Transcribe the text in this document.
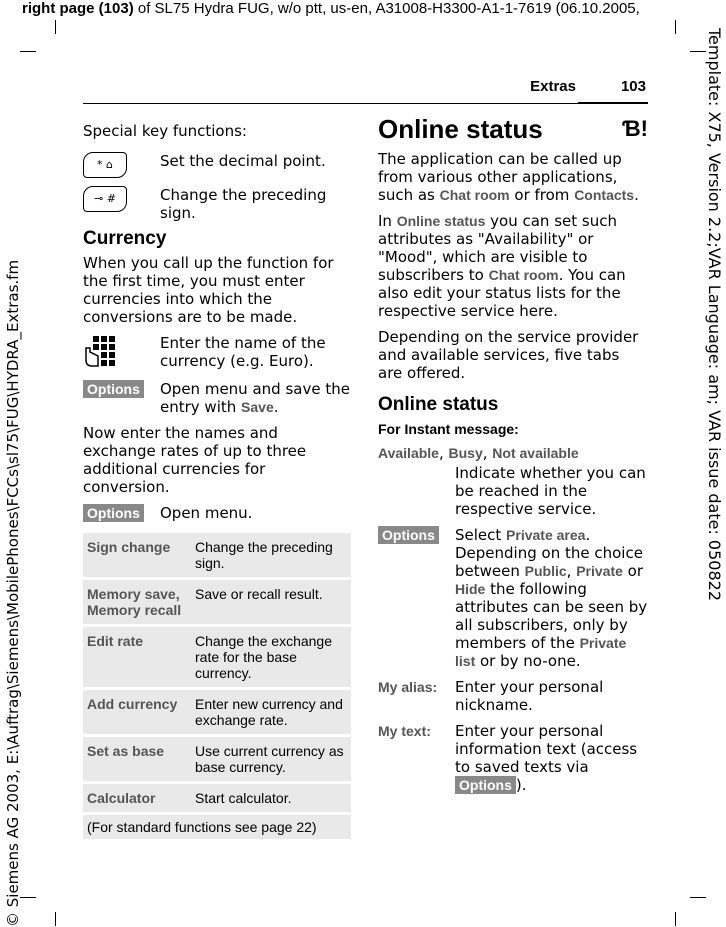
right page (103) of SL75 Hydra FUG, w/o ptt, us-en, A31008-H3300-A1-1-7619 (06.10.2005,
Template: X75, Version 2.2;VAR Language: am; VAR issue date: 050822
© Siemens AG 2003, E:\Auftrag\Siemens\MobilePhones\FCCs\sl75\FUG\HYDRA_Extras.fm
Extras	103
Special key functions:
* ⌂	Set the decimal point.
⊸ #	Change the preceding sign.
Currency
When you call up the function for the first time, you must enter currencies into which the conversions are to be made.
Enter the name of the currency (e.g. Euro).
Options	Open menu and save the entry with Save.
Now enter the names and exchange rates of up to three additional currencies for conversion.
Options	Open menu.
Sign change	Change the preceding sign.
Memory save, Memory recall	Save or recall result.
Edit rate	Change the exchange rate for the base currency.
Add currency	Enter new currency and exchange rate.
Set as base	Use current currency as base currency.
Calculator	Start calculator.
(For standard functions see page 22)	
Online status	Ɓ!
The application can be called up from various other applications, such as Chat room or from Contacts.
In Online status you can set such attributes as "Availability" or "Mood", which are visible to subscribers to Chat room. You can also edit your status lists for the respective service here.
Depending on the service provider and available services, five tabs are offered.
Online status
For Instant message:
Available, Busy, Not available
Indicate whether you can be reached in the respective service.
Options	Select Private area. Depending on the choice between Public, Private or Hide the following attributes can be seen by all subscribers, only by members of the Private list or by no-one.
My alias:	Enter your personal nickname.
My text:	Enter your personal information text (access to saved texts via Options ).
